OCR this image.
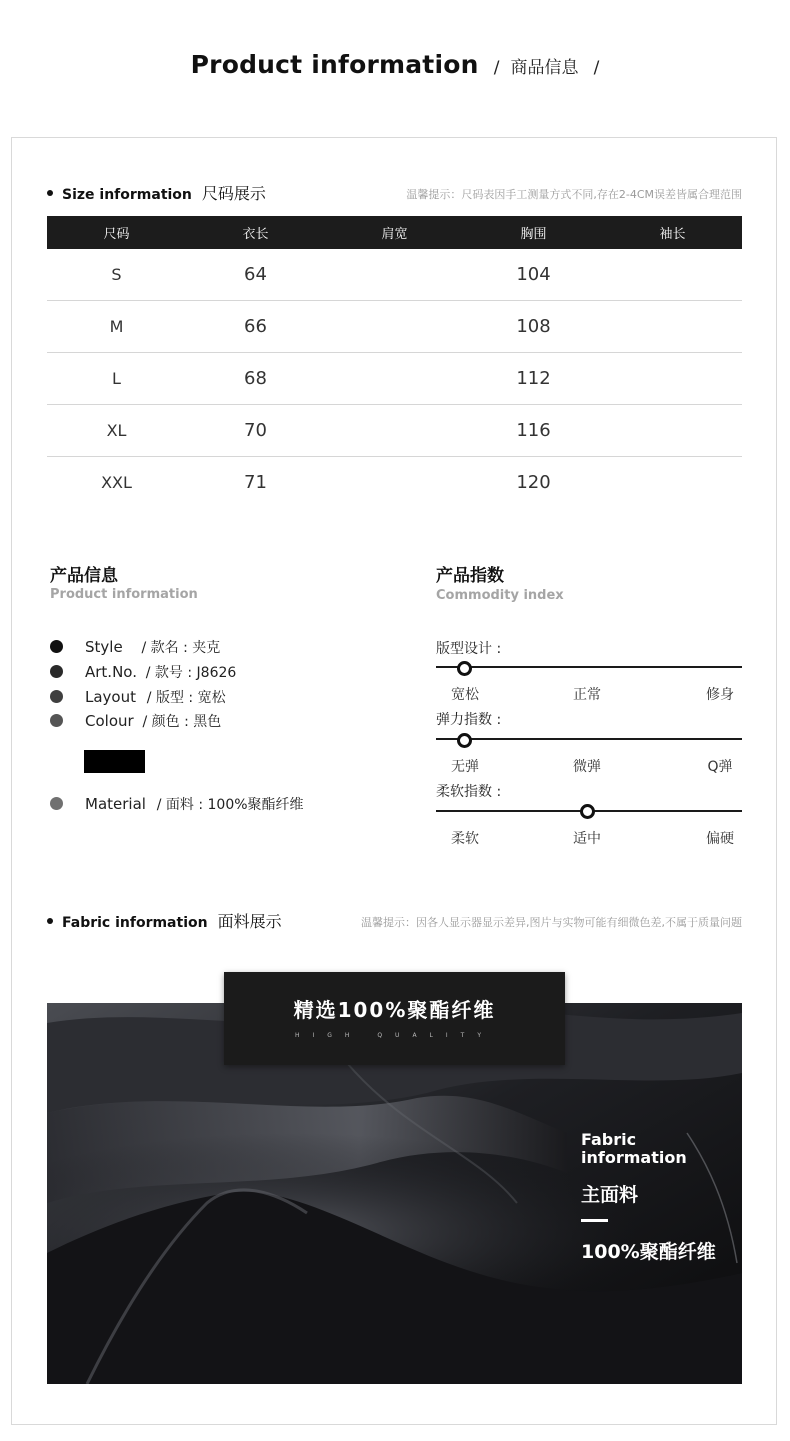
Product information / 商品信息 /
Size information 尺码展示	温馨提示：尺码表因手工测量方式不同,存在2-4CM误差皆属合理范围
尺码	衣长	肩宽	胸围	袖长
S	64		104	
M	66		108	
L	68		112	
XL	70		116	
XXL	71		120	
产品信息
Product information
Style / 款名 : 夹克
Art.No. / 款号 : J8626
Layout / 版型 : 宽松
Colour / 颜色 : 黑色
Material / 面料 : 100%聚酯纤维
产品指数
Commodity index
版型设计 :
宽松	正常	修身
弹力指数 :
无弹	微弹	Q弹
柔软指数 :
柔软	适中	偏硬
Fabric information 面料展示	温馨提示：因各人显示器显示差异,图片与实物可能有细微色差,不属于质量问题
精选100%聚酯纤维
HIGH QUALITY
Fabric information
主面料
100%聚酯纤维
